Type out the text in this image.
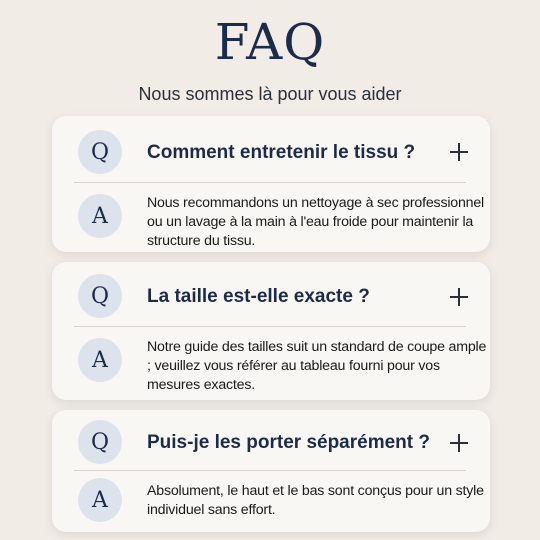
FAQ
Nous sommes là pour vous aider
Q	Comment entretenir le tissu ?
A
Nous recommandons un nettoyage à sec professionnel ou un lavage à la main à l'eau froide pour maintenir la structure du tissu.
Q	La taille est-elle exacte ?
A
Notre guide des tailles suit un standard de coupe ample ; veuillez vous référer au tableau fourni pour vos mesures exactes.
Q	Puis-je les porter séparément ?
A	Absolument, le haut et le bas sont conçus pour un style individuel sans effort.
